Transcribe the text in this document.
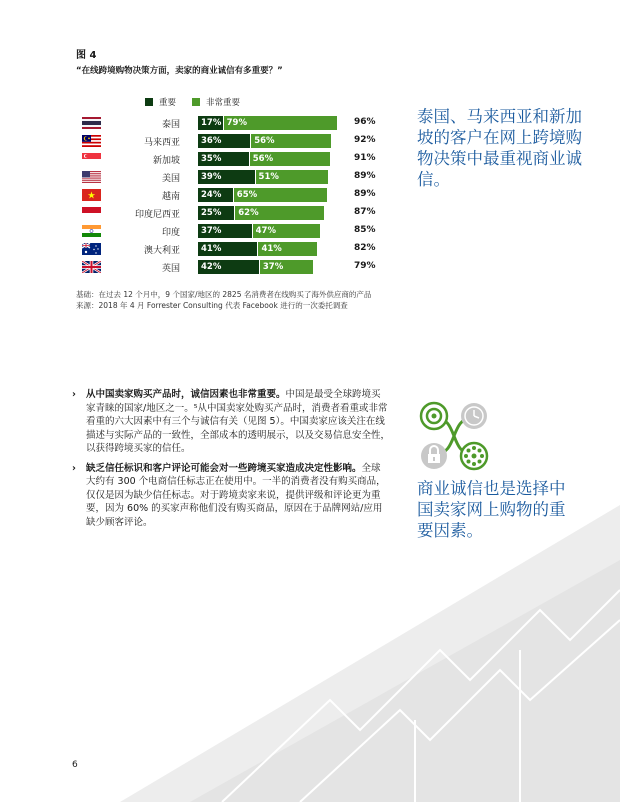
图 4
“在线跨境购物决策方面，卖家的商业诚信有多重要？”
重要	非常重要
泰国	17% 79%	96%
马来西亚	36%	56%	92%
新加坡	35%	56%	91%
美国	39%	51%	89%
越南	24%	65%	89%
印度尼西亚	25%	62%	87%
印度	37%	47%	85%
澳大利亚	41%	41%	82%
英国	42%	37%	79%
基础：在过去 12 个月中，9 个国家/地区的 2825 名消费者在线购买了海外供应商的产品
来源：2018 年 4 月 Forrester Consulting 代表 Facebook 进行的一次委托调查
泰国、马来西亚和新加坡的客户在网上跨境购物决策中最重视商业诚信。
› 从中国卖家购买产品时，诚信因素也非常重要。中国是最受全球跨境买家青睐的国家/地区之一。⁵从中国卖家处购买产品时，消费者看重或非常看重的六大因素中有三个与诚信有关（见图 5）。中国卖家应该关注在线描述与实际产品的一致性，全部成本的透明展示，以及交易信息安全性，以获得跨境买家的信任。
› 缺乏信任标识和客户评论可能会对一些跨境买家造成决定性影响。全球大约有 300 个电商信任标志正在使用中。一半的消费者没有购买商品，仅仅是因为缺少信任标志。对于跨境卖家来说，提供评级和评论更为重要，因为 60% 的买家声称他们没有购买商品，原因在于品牌网站/应用缺少顾客评论。
商业诚信也是选择中国卖家网上购物的重要因素。
6
